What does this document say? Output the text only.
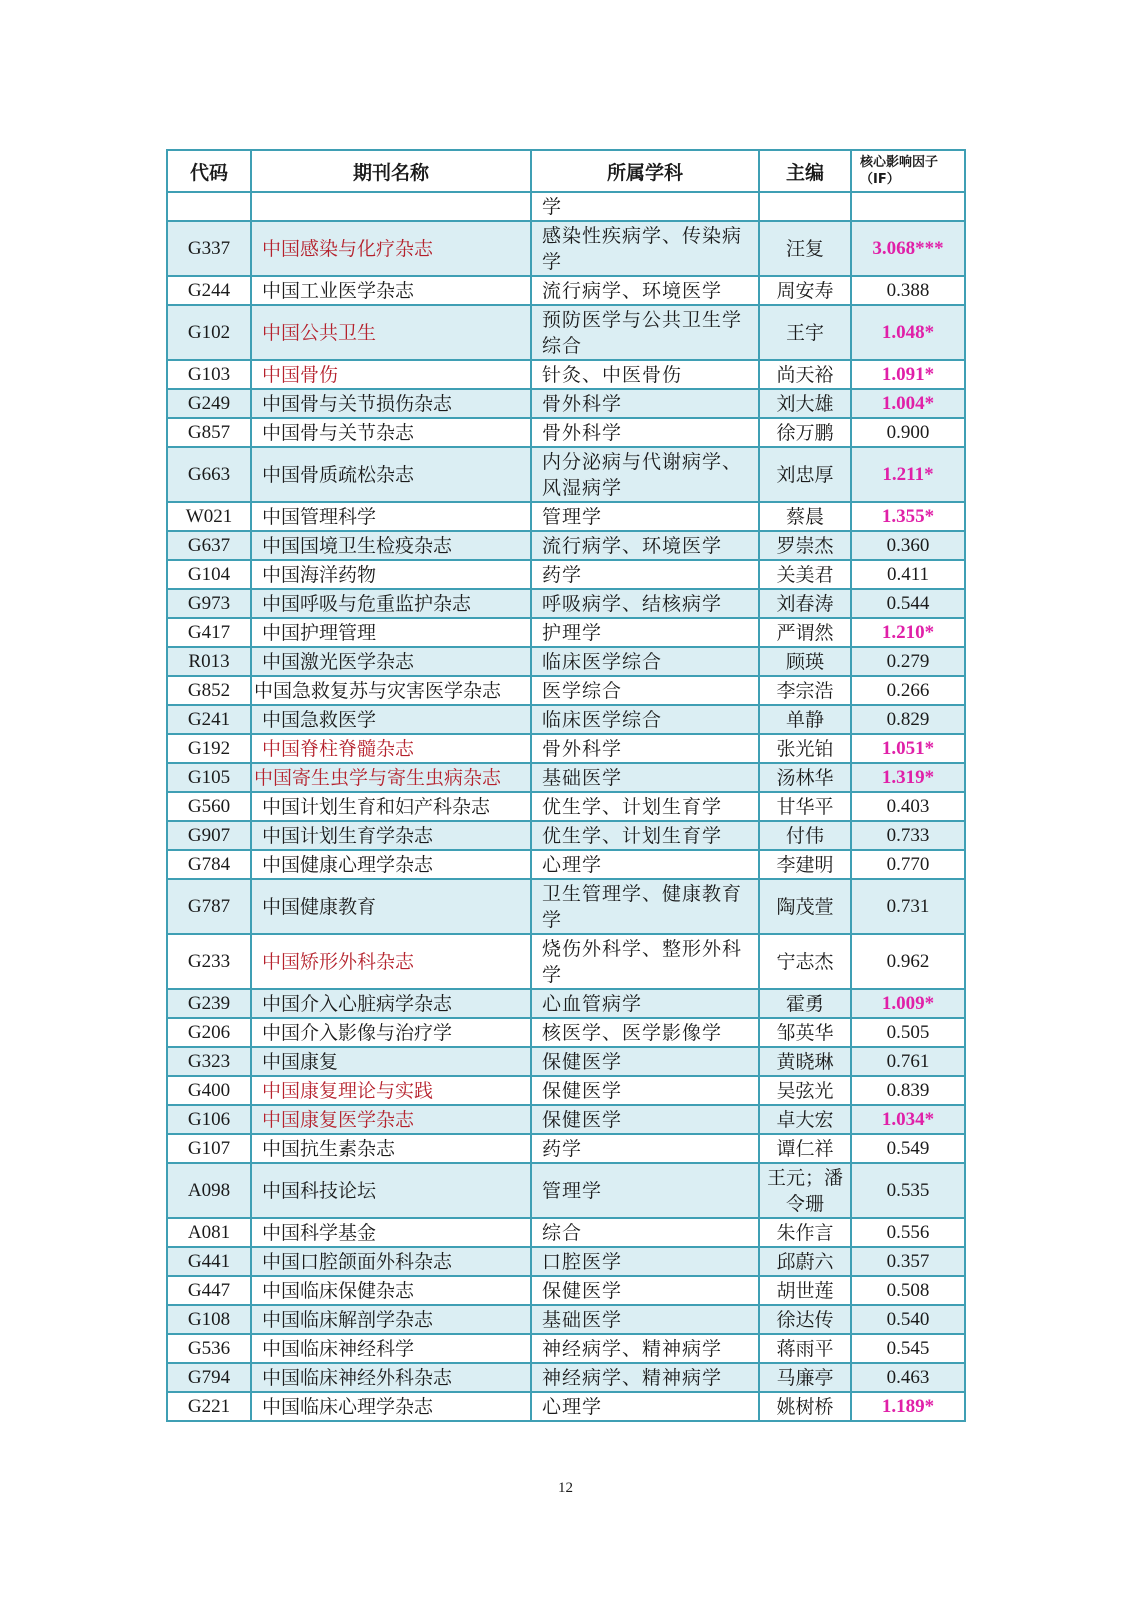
代码	期刊名称	所属学科	主编	核心影响因子（IF）
		学		
G337	中国感染与化疗杂志	感染性疾病学、传染病学	汪复	3.068***
G244	中国工业医学杂志	流行病学、环境医学	周安寿	0.388
G102	中国公共卫生	预防医学与公共卫生学综合	王宇	1.048*
G103	中国骨伤	针灸、中医骨伤	尚天裕	1.091*
G249	中国骨与关节损伤杂志	骨外科学	刘大雄	1.004*
G857	中国骨与关节杂志	骨外科学	徐万鹏	0.900
G663	中国骨质疏松杂志	内分泌病与代谢病学、风湿病学	刘忠厚	1.211*
W021	中国管理科学	管理学	蔡晨	1.355*
G637	中国国境卫生检疫杂志	流行病学、环境医学	罗崇杰	0.360
G104	中国海洋药物	药学	关美君	0.411
G973	中国呼吸与危重监护杂志	呼吸病学、结核病学	刘春涛	0.544
G417	中国护理管理	护理学	严谓然	1.210*
R013	中国激光医学杂志	临床医学综合	顾瑛	0.279
G852	中国急救复苏与灾害医学杂志	医学综合	李宗浩	0.266
G241	中国急救医学	临床医学综合	单静	0.829
G192	中国脊柱脊髓杂志	骨外科学	张光铂	1.051*
G105	中国寄生虫学与寄生虫病杂志	基础医学	汤林华	1.319*
G560	中国计划生育和妇产科杂志	优生学、计划生育学	甘华平	0.403
G907	中国计划生育学杂志	优生学、计划生育学	付伟	0.733
G784	中国健康心理学杂志	心理学	李建明	0.770
G787	中国健康教育	卫生管理学、健康教育学	陶茂萱	0.731
G233	中国矫形外科杂志	烧伤外科学、整形外科学	宁志杰	0.962
G239	中国介入心脏病学杂志	心血管病学	霍勇	1.009*
G206	中国介入影像与治疗学	核医学、医学影像学	邹英华	0.505
G323	中国康复	保健医学	黄晓琳	0.761
G400	中国康复理论与实践	保健医学	吴弦光	0.839
G106	中国康复医学杂志	保健医学	卓大宏	1.034*
G107	中国抗生素杂志	药学	谭仁祥	0.549
A098	中国科技论坛	管理学	王元；潘令珊	0.535
A081	中国科学基金	综合	朱作言	0.556
G441	中国口腔颌面外科杂志	口腔医学	邱蔚六	0.357
G447	中国临床保健杂志	保健医学	胡世莲	0.508
G108	中国临床解剖学杂志	基础医学	徐达传	0.540
G536	中国临床神经科学	神经病学、精神病学	蒋雨平	0.545
G794	中国临床神经外科杂志	神经病学、精神病学	马廉亭	0.463
G221	中国临床心理学杂志	心理学	姚树桥	1.189*
12
